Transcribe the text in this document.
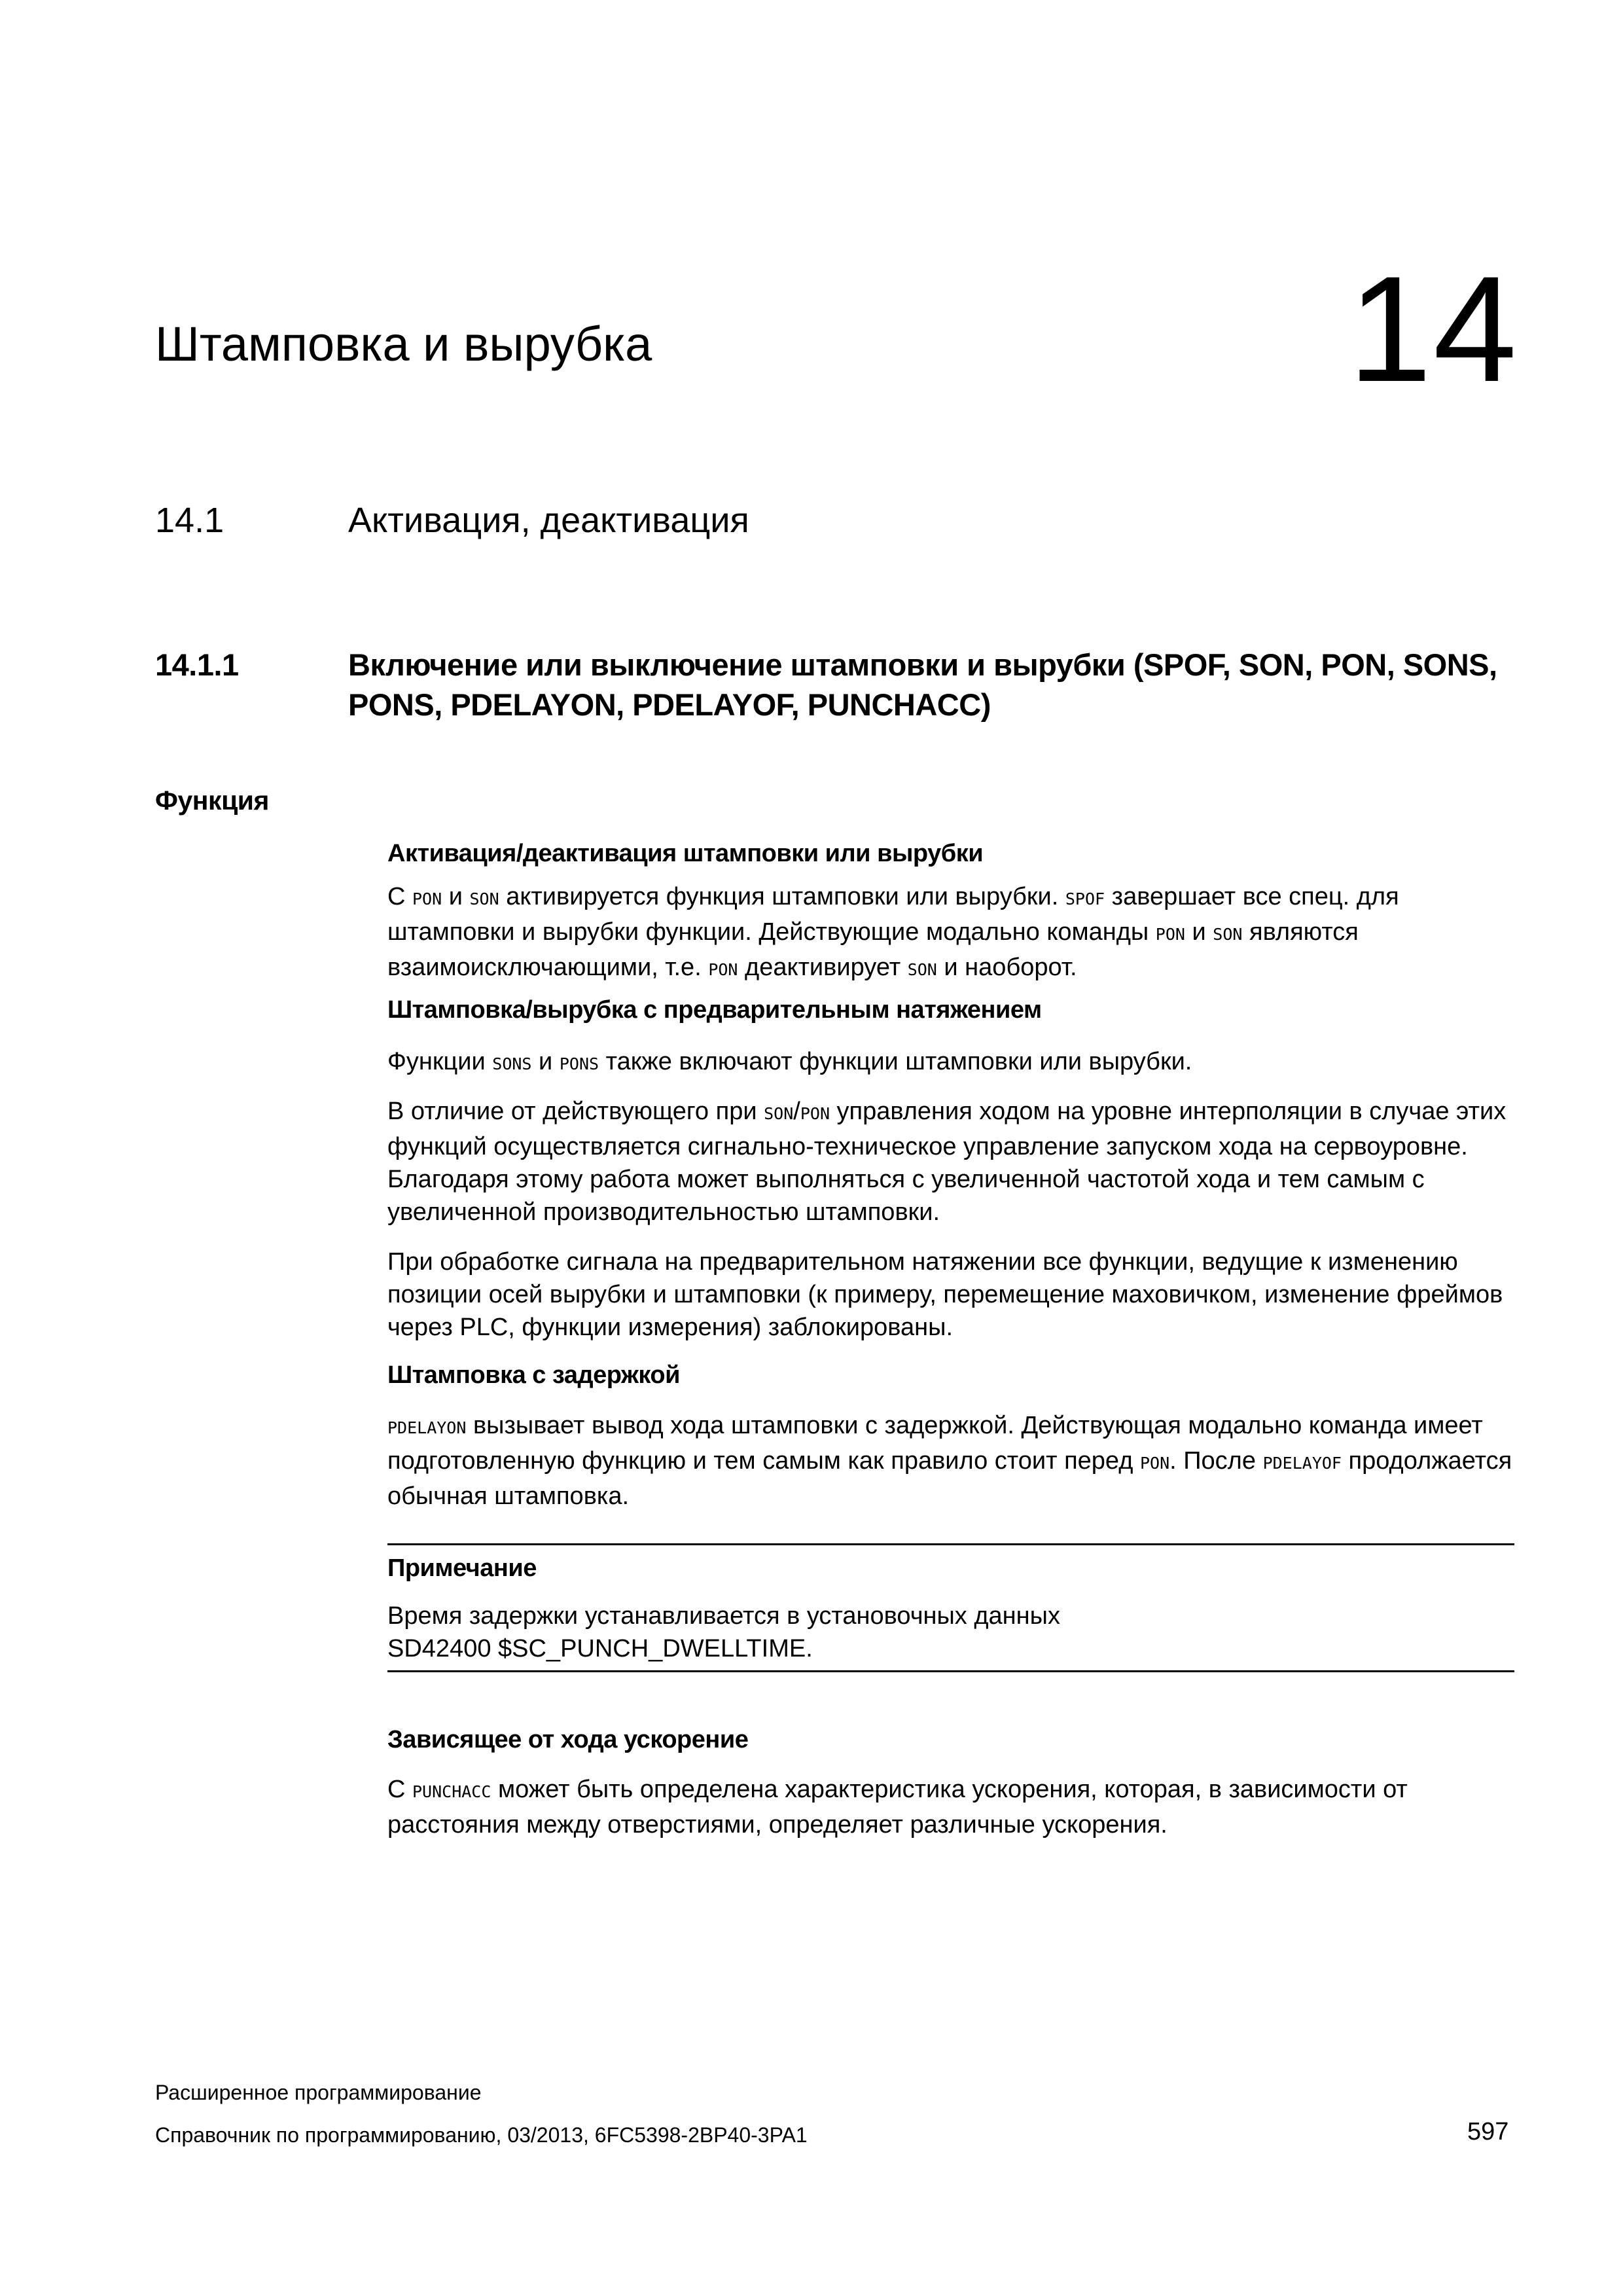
Штамповка и вырубка	14
14.1	Активация, деактивация
14.1.1	Включение или выключение штамповки и вырубки (SPOF, SON, PON, SONS, PONS, PDELAYON, PDELAYOF, PUNCHACC)
Функция
Активация/деактивация штамповки или вырубки
С PON и SON активируется функция штамповки или вырубки. SPOF завершает все спец. для штамповки и вырубки функции. Действующие модально команды PON и SON являются взаимоисключающими, т.е. PON деактивирует SON и наоборот.
Штамповка/вырубка с предварительным натяжением
Функции SONS и PONS также включают функции штамповки или вырубки.
В отличие от действующего при SON/PON управления ходом на уровне интерполяции в случае этих функций осуществляется сигнально-техническое управление запуском хода на сервоуровне. Благодаря этому работа может выполняться с увеличенной частотой хода и тем самым с увеличенной производительностью штамповки.
При обработке сигнала на предварительном натяжении все функции, ведущие к изменению позиции осей вырубки и штамповки (к примеру, перемещение маховичком, изменение фреймов через PLC, функции измерения) заблокированы.
Штамповка с задержкой
PDELAYON вызывает вывод хода штамповки с задержкой. Действующая модально команда имеет подготовленную функцию и тем самым как правило стоит перед PON. После PDELAYOF продолжается обычная штамповка.
Примечание
Время задержки устанавливается в установочных данных
SD42400 $SC_PUNCH_DWELLTIME.
Зависящее от хода ускорение
С PUNCHACC может быть определена характеристика ускорения, которая, в зависимости от расстояния между отверстиями, определяет различные ускорения.
Расширенное программирование
Справочник по программированию, 03/2013, 6FC5398-2BP40-3PA1	597
